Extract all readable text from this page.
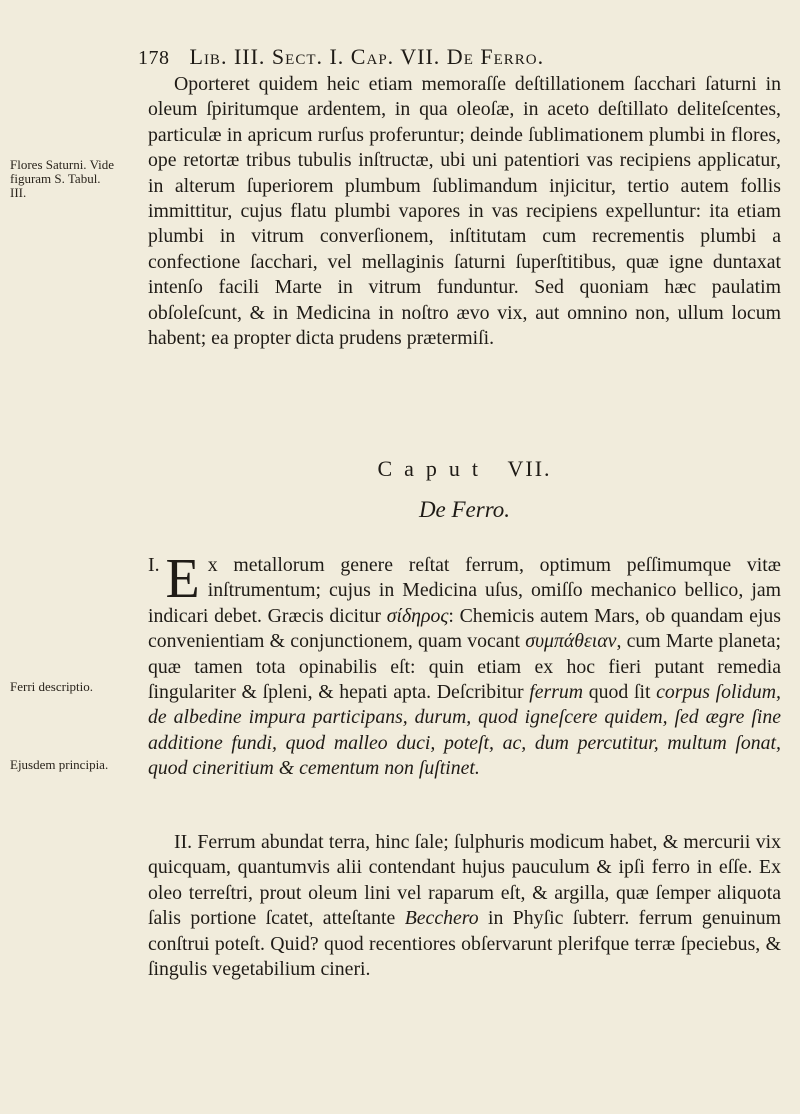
178 Lib. III. Sect. I. Cap. VII. De Ferro.
Flores Saturni. Vide figuram S. Tabul. III.
Ferri descriptio.
Ejusdem principia.

Oporteret quidem heic etiam memoraſſe deſtillationem ſacchari ſaturni in oleum ſpiritumque ardentem, in qua oleoſæ, in aceto deſtillato deliteſcentes, particulæ in apricum rurſus proferuntur; deinde ſublimationem plumbi in flores, ope retortæ tribus tubulis inſtructæ, ubi uni patentiori vas recipiens applicatur, in alterum ſuperiorem plumbum ſublimandum injicitur, tertio autem follis immittitur, cujus flatu plumbi vapores in vas recipiens expelluntur: ita etiam plumbi in vitrum converſionem, inſtitutam cum recrementis plumbi a confectione ſacchari, vel mellaginis ſaturni ſuperſtitibus, quæ igne duntaxat intenſo facili Marte in vitrum funduntur. Sed quoniam hæc paulatim obſoleſcunt, & in Medicina in noſtro ævo vix, aut omnino non, ullum locum habent; ea propter dicta prudens prætermiſi.

Caput VII.
De Ferro.

I. E x metallorum genere reſtat ferrum, optimum peſſimumque vitæ inſtrumentum; cujus in Medicina uſus, omiſſo mechanico bellico, jam indicari debet. Græcis dicitur σίδηρος: Chemicis autem Mars, ob quandam ejus convenientiam & conjunctionem, quam vocant συμπάθειαν, cum Marte planeta; quæ tamen tota opinabilis eſt: quin etiam ex hoc fieri putant remedia ſingulariter & ſpleni, & hepati apta. Deſcribitur ferrum quod ſit corpus ſolidum, de albedine impura participans, durum, quod igneſcere quidem, ſed ægre ſine additione fundi, quod malleo duci, poteſt, ac, dum percutitur, multum ſonat, quod cineritium & cementum non ſuſtinet.

II. Ferrum abundat terra, hinc ſale; ſulphuris modicum habet, & mercurii vix quicquam, quantumvis alii contendant hujus pauculum & ipſi ferro in eſſe. Ex oleo terreſtri, prout oleum lini vel raparum eſt, & argilla, quæ ſemper aliquota ſalis portione ſcatet, atteſtante Becchero in Phyſic ſubterr. ferrum genuinum conſtrui poteſt. Quid? quod recentiores obſervarunt plerifque terræ ſpeciebus, & ſingulis vegetabilium cineri.
